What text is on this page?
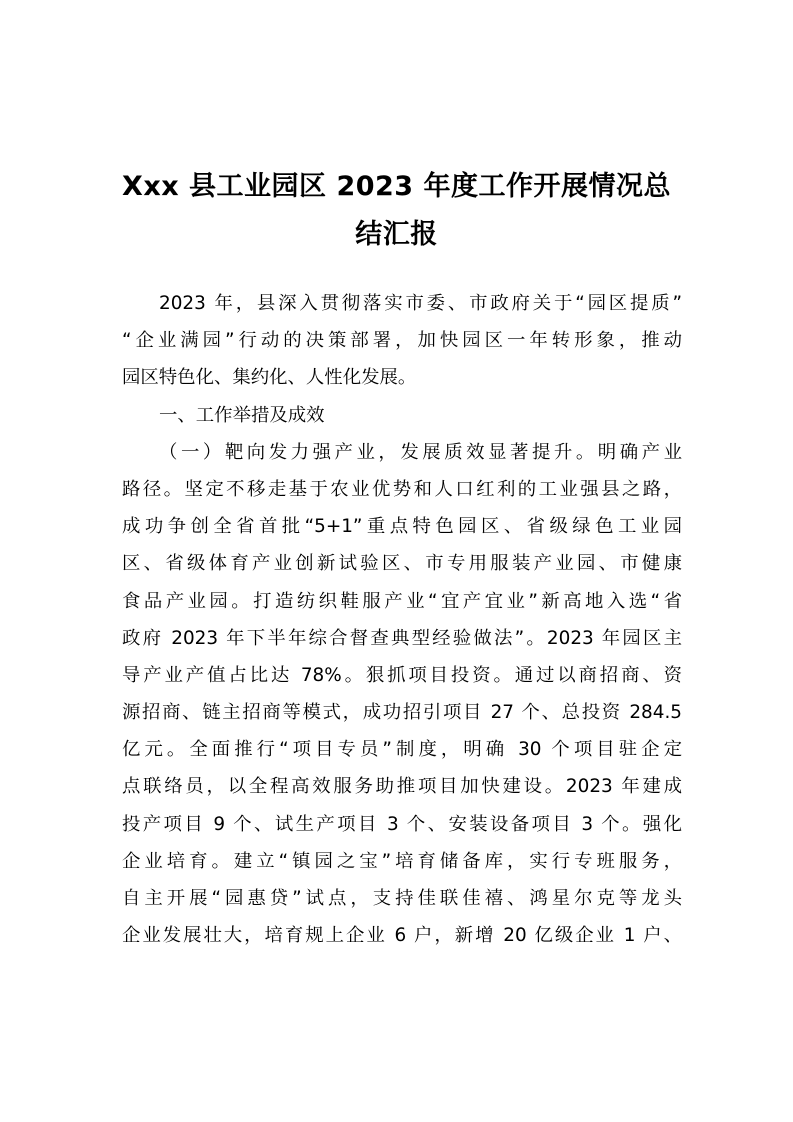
Xxx 县工业园区 2023 年度工作开展情况总
结汇报
2023 年，县深入贯彻落实市委、市政府关于“园区提质”
“企业满园”行动的决策部署，加快园区一年转形象，推动
园区特色化、集约化、人性化发展。
一、工作举措及成效
（一）靶向发力强产业，发展质效显著提升。明确产业
路径。坚定不移走基于农业优势和人口红利的工业强县之路，
成功争创全省首批“5+1”重点特色园区、省级绿色工业园
区、省级体育产业创新试验区、市专用服装产业园、市健康
食品产业园。打造纺织鞋服产业“宜产宜业”新高地入选“省
政府 2023 年下半年综合督查典型经验做法”。2023 年园区主
导产业产值占比达 78%。狠抓项目投资。通过以商招商、资
源招商、链主招商等模式，成功招引项目 27 个、总投资 284.5
亿元。全面推行“项目专员”制度，明确 30 个项目驻企定
点联络员，以全程高效服务助推项目加快建设。2023 年建成
投产项目 9 个、试生产项目 3 个、安装设备项目 3 个。强化
企业培育。建立“镇园之宝”培育储备库，实行专班服务，
自主开展“园惠贷”试点，支持佳联佳禧、鸿星尔克等龙头
企业发展壮大，培育规上企业 6 户，新增 20 亿级企业 1 户、
